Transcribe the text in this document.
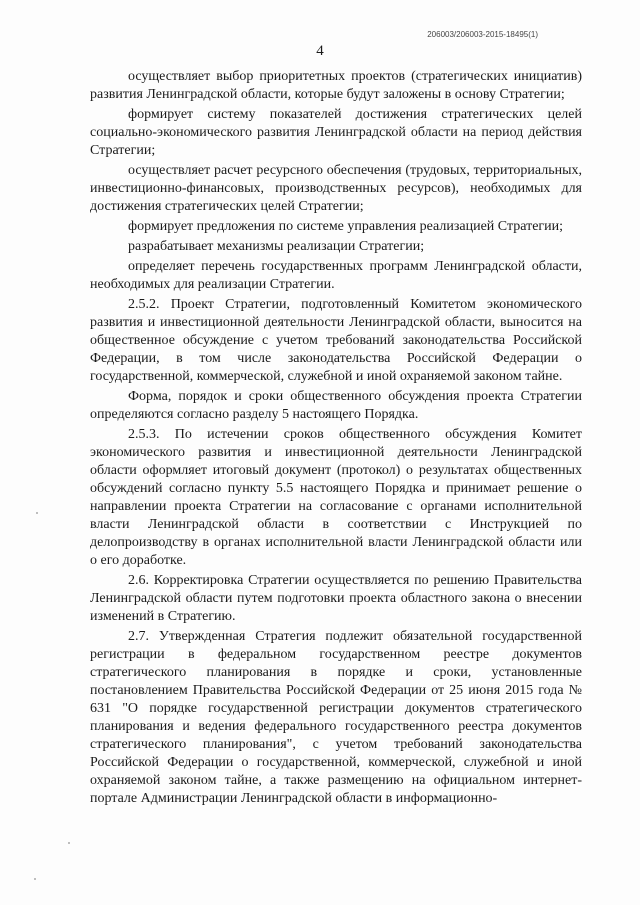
206003/206003-2015-18495(1)
4

осуществляет выбор приоритетных проектов (стратегических инициатив) развития Ленинградской области, которые будут заложены в основу Стратегии;

формирует систему показателей достижения стратегических целей социально-экономического развития Ленинградской области на период действия Стратегии;

осуществляет расчет ресурсного обеспечения (трудовых, территориальных, инвестиционно-финансовых, производственных ресурсов), необходимых для достижения стратегических целей Стратегии;

формирует предложения по системе управления реализацией Стратегии;

разрабатывает механизмы реализации Стратегии;

определяет перечень государственных программ Ленинградской области, необходимых для реализации Стратегии.

2.5.2. Проект Стратегии, подготовленный Комитетом экономического развития и инвестиционной деятельности Ленинградской области, выносится на общественное обсуждение с учетом требований законодательства Российской Федерации, в том числе законодательства Российской Федерации о государственной, коммерческой, служебной и иной охраняемой законом тайне.

Форма, порядок и сроки общественного обсуждения проекта Стратегии определяются согласно разделу 5 настоящего Порядка.

2.5.3. По истечении сроков общественного обсуждения Комитет экономического развития и инвестиционной деятельности Ленинградской области оформляет итоговый документ (протокол) о результатах общественных обсуждений согласно пункту 5.5 настоящего Порядка и принимает решение о направлении проекта Стратегии на согласование с органами исполнительной власти Ленинградской области в соответствии с Инструкцией по делопроизводству в органах исполнительной власти Ленинградской области или о его доработке.

2.6. Корректировка Стратегии осуществляется по решению Правительства Ленинградской области путем подготовки проекта областного закона о внесении изменений в Стратегию.

2.7. Утвержденная Стратегия подлежит обязательной государственной регистрации в федеральном государственном реестре документов стратегического планирования в порядке и сроки, установленные постановлением Правительства Российской Федерации от 25 июня 2015 года № 631 "О порядке государственной регистрации документов стратегического планирования и ведения федерального государственного реестра документов стратегического планирования", с учетом требований законодательства Российской Федерации о государственной, коммерческой, служебной и иной охраняемой законом тайне, а также размещению на официальном интернет-портале Администрации Ленинградской области в информационно-
